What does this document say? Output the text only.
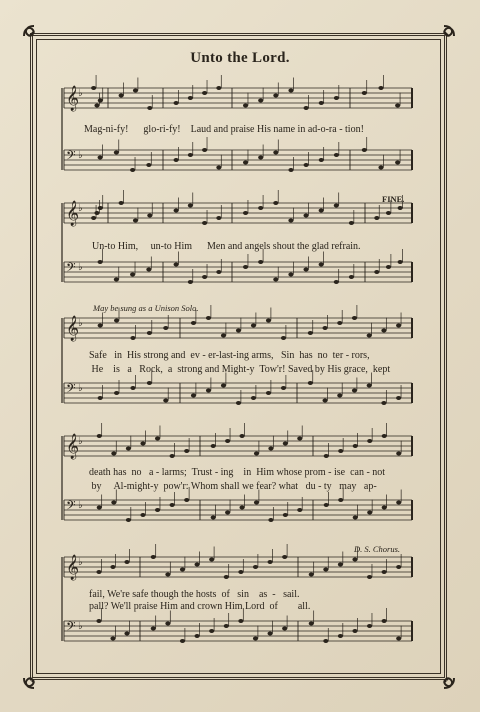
Unto the Lord.
𝄞
♭
𝄢 ♭
𝄞
♭
𝄢 ♭
𝄞
♭
𝄢 ♭
𝄞
♭
𝄢 ♭
𝄞
♭
𝄢 ♭
Mag-ni-fy!      glo-ri-fy!    Laud and praise His name in ad-o-ra - tion!
Un-to Him,     un-to Him      Men and angels shout the glad refrain.
FINE.
May be sung as a Unison Solo.
Safe   in  His strong and  ev - er-last-ing arms,   Sin  has  no  ter - rors,
He    is   a   Rock,  a  strong and Might-y  Tow'r! Saved by His grace,  kept
death has  no   a - larms;  Trust - ing    in  Him whose prom - ise  can - not
by     Al-might-y  pow'r: Whom shall we fear? what   du - ty   may   ap-
D. S. Chorus.
fail, We're safe though the hosts  of   sin    as  -   sail.
pall? We'll praise Him and crown Him Lord  of        all.
